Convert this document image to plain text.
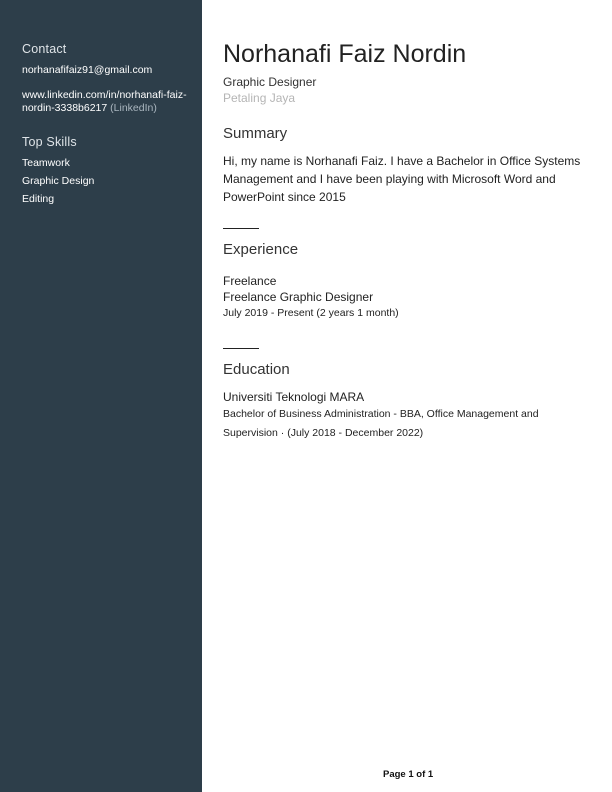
Contact
norhanafifaiz91@gmail.com
www.linkedin.com/in/norhanafi-faiz-
nordin-3338b6217 (LinkedIn)
Top Skills
Teamwork
Graphic Design
Editing
Norhanafi Faiz Nordin
Graphic Designer
Petaling Jaya
Summary
Hi, my name is Norhanafi Faiz. I have a Bachelor in Office Systems
Management and I have been playing with Microsoft Word and
PowerPoint since 2015
Experience
Freelance
Freelance Graphic Designer
July 2019 - Present (2 years 1 month)
Education
Universiti Teknologi MARA
Bachelor of Business Administration - BBA, Office Management and
Supervision · (July 2018 - December 2022)
Page 1 of 1
